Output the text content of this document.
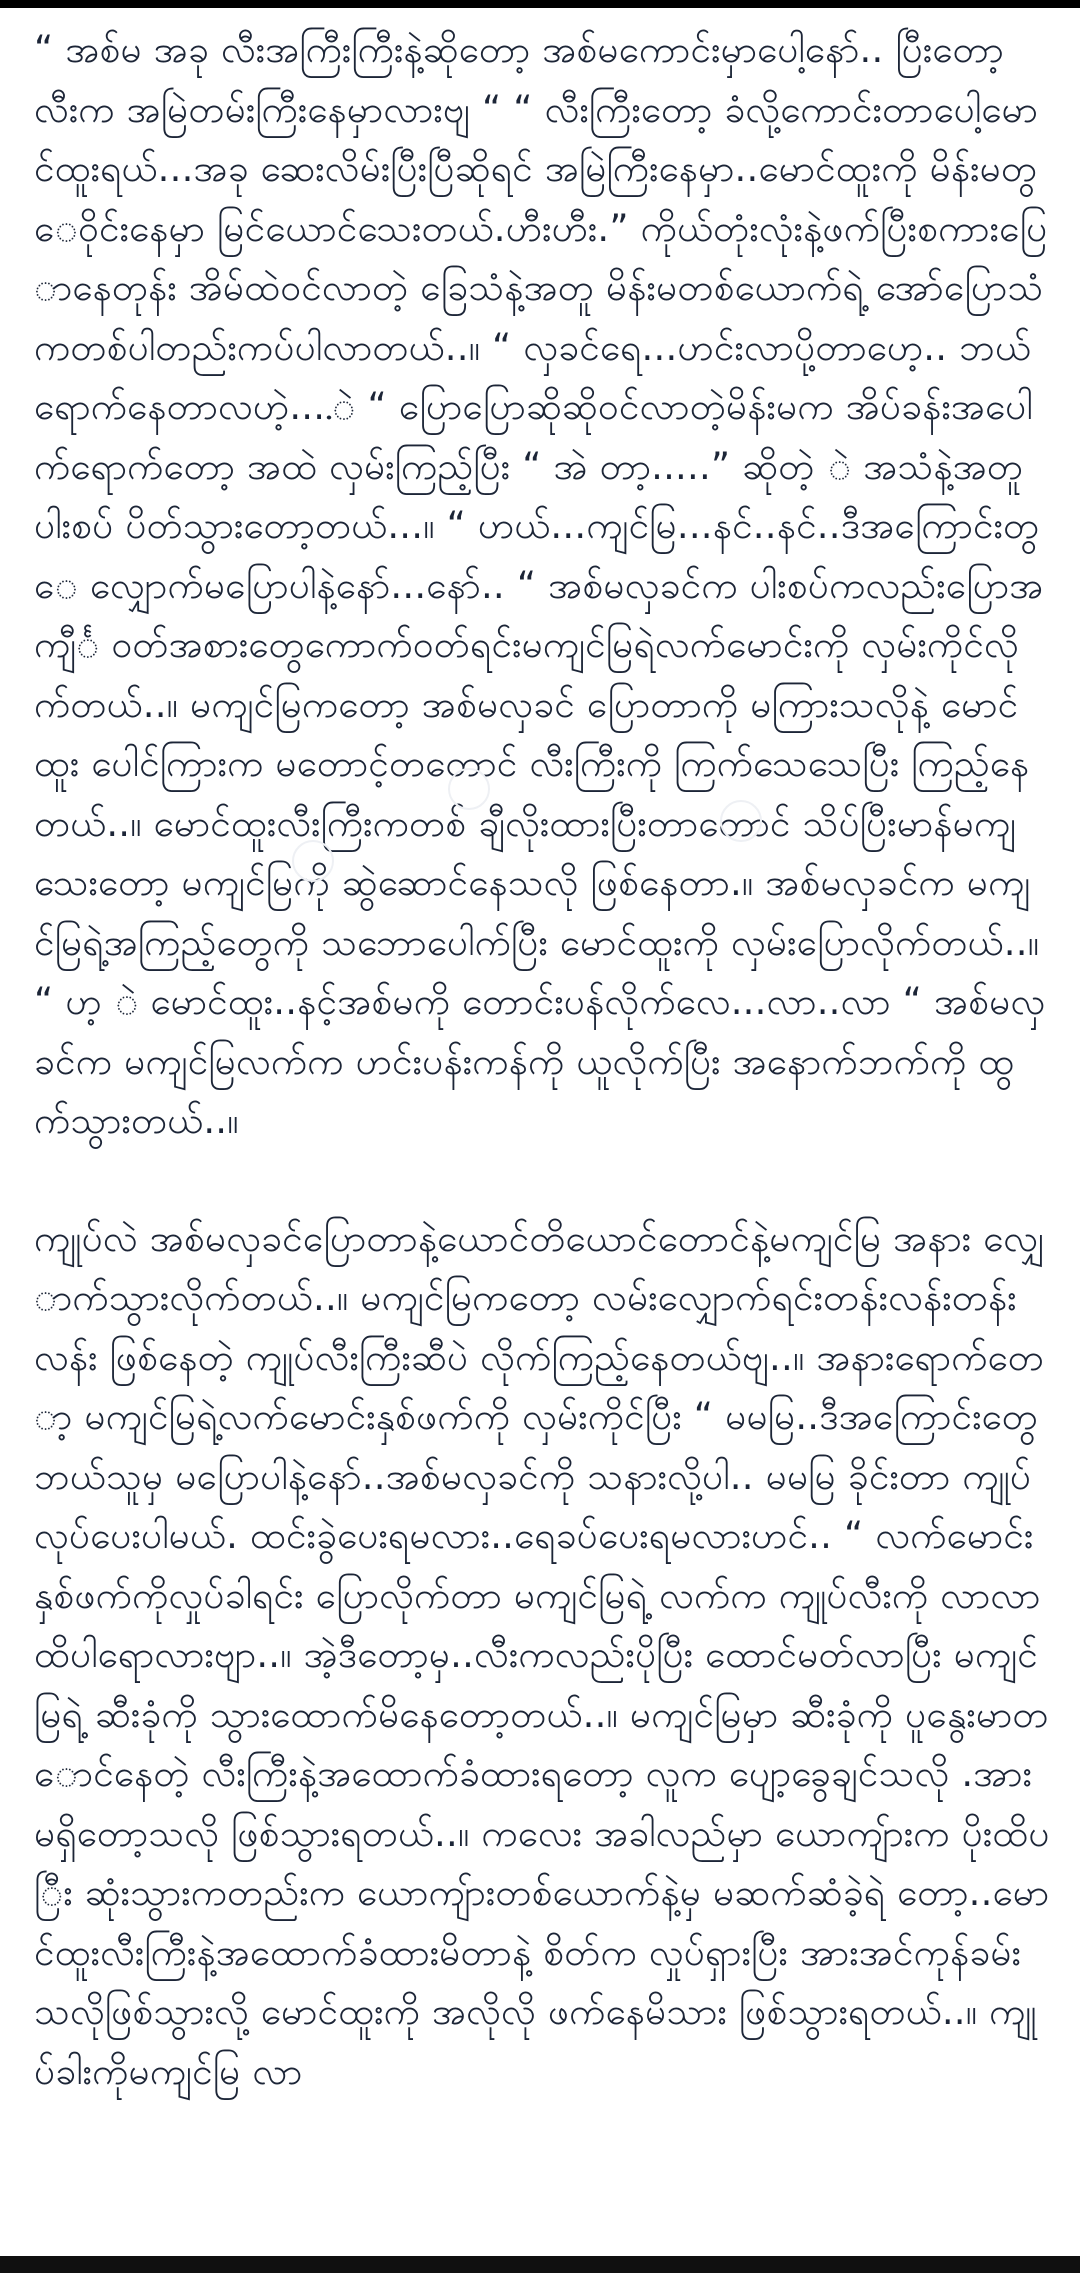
“ အစ်မ အခု လီးအကြီးကြီးနဲ့ဆိုတော့ အစ်မကောင်းမှာပေါ့နော်.. ပြီးတော့ လီးက အမြဲတမ်းကြီးနေမှာလားဗျ “ “ လီးကြီးတော့ ခံလို့ကောင်းတာပေါ့မောင်ထူးရယ်...အခု ဆေးလိမ်းပြီးပြီဆိုရင် အမြဲကြီးနေမှာ..မောင်ထူးကို မိန်းမတွေဝိုင်းနေမှာ မြင်ယောင်သေးတယ်.ဟီးဟီး.” ကိုယ်တုံးလုံးနဲ့ဖက်ပြီးစကားပြောနေတုန်း အိမ်ထဲဝင်လာတဲ့ ခြေသံနဲ့အတူ မိန်းမတစ်ယောက်ရဲ့ အော်ပြောသံကတစ်ပါတည်းကပ်ပါလာတယ်..။ “ လှခင်ရေ...ဟင်းလာပို့တာဟေ့.. ဘယ်ရောက်နေတာလဟဲ့....ဲ “ ပြောပြောဆိုဆိုဝင်လာတဲ့မိန်းမက အိပ်ခန်းအပေါက်ရောက်တော့ အထဲ လှမ်းကြည့်ပြီး “ အဲ တာ့.....” ဆိုတဲ့ ဲ အသံနဲ့အတူ ပါးစပ် ပိတ်သွားတော့တယ်...။ “ ဟယ်...ကျင်မြ...နင်..နင်..ဒီအကြောင်းတွေ လျှောက်မပြောပါနဲ့နော်...နော်.. “ အစ်မလှခင်က ပါးစပ်ကလည်းပြောအကျီင်္ ဝတ်အစားတွေကောက်ဝတ်ရင်းမကျင်မြရဲလက်မောင်းကို လှမ်းကိုင်လိုက်တယ်..။ မကျင်မြကတော့ အစ်မလှခင် ပြောတာကို မကြားသလိုနဲ့ မောင်ထူး ပေါင်ကြားက မတောင့်တတောင် လီးကြီးကို ကြက်သေသေပြီး ကြည့်နေတယ်..။ မောင်ထူးလီးကြီးကတစ် ချီလိုးထားပြီးတာတောင် သိပ်ပြီးမာန်မကျသေးတော့ မကျင်မြကို ဆွဲဆောင်နေသလို ဖြစ်နေတာ.။ အစ်မလှခင်က မကျင်မြရဲ့အကြည့်တွေကို သဘောပေါက်ပြီး မောင်ထူးကို လှမ်းပြောလိုက်တယ်..။ “ ဟ့ ဲ မောင်ထူး..နင့်အစ်မကို တောင်းပန်လိုက်လေ...လာ..လာ “ အစ်မလှခင်က မကျင်မြလက်က ဟင်းပန်းကန်ကို ယူလိုက်ပြီး အနောက်ဘက်ကို ထွက်သွားတယ်..။

ကျုပ်လဲ အစ်မလှခင်ပြောတာနဲ့ယောင်တိယောင်တောင်နဲ့မကျင်မြ အနား လျှောက်သွားလိုက်တယ်..။ မကျင်မြကတော့ လမ်းလျှောက်ရင်းတန်းလန်းတန်းလန်း ဖြစ်နေတဲ့ ကျုပ်လီးကြီးဆီပဲ လိုက်ကြည့်နေတယ်ဗျ..။ အနားရောက်တော့ မကျင်မြရဲ့လက်မောင်းနှစ်ဖက်ကို လှမ်းကိုင်ပြီး “ မမမြ..ဒီအကြောင်းတွေ ဘယ်သူမှ မပြောပါနဲ့နော်..အစ်မလှခင်ကို သနားလို့ပါ.. မမမြ ခိုင်းတာ ကျုပ်လုပ်ပေးပါမယ်. ထင်းခွဲပေးရမလား..ရေခပ်ပေးရမလားဟင်.. “ လက်မောင်းနှစ်ဖက်ကိုလှုပ်ခါရင်း ပြောလိုက်တာ မကျင်မြရဲ့ လက်က ကျုပ်လီးကို လာလာထိပါရောလားဗျာ..။ အဲ့ဒီတော့မှ..လီးကလည်းပိုပြီး ထောင်မတ်လာပြီး မကျင်မြရဲ့ ဆီးခုံကို သွားထောက်မိနေတော့တယ်..။ မကျင်မြမှာ ဆီးခုံကို ပူနွေးမာတောင်နေတဲ့ လီးကြီးနဲ့အထောက်ခံထားရတော့ လူက ပျော့ခွေချင်သလို .အားမရှိတော့သလို ဖြစ်သွားရတယ်..။ ကလေး အခါလည်မှာ ယောကျ်ားက ပိုးထိပြီး ဆုံးသွားကတည်းက ယောကျ်ားတစ်ယောက်နဲ့မှ မဆက်ဆံခဲ့ရဲ တော့..မောင်ထူးလီးကြီးနဲ့အထောက်ခံထားမိတာနဲ့ စိတ်က လှုပ်ရှားပြီး အားအင်ကုန်ခမ်းသလိုဖြစ်သွားလို့ မောင်ထူးကို အလိုလို ဖက်နေမိသား ဖြစ်သွားရတယ်..။ ကျုပ်ခါးကိုမကျင်မြ လာ
